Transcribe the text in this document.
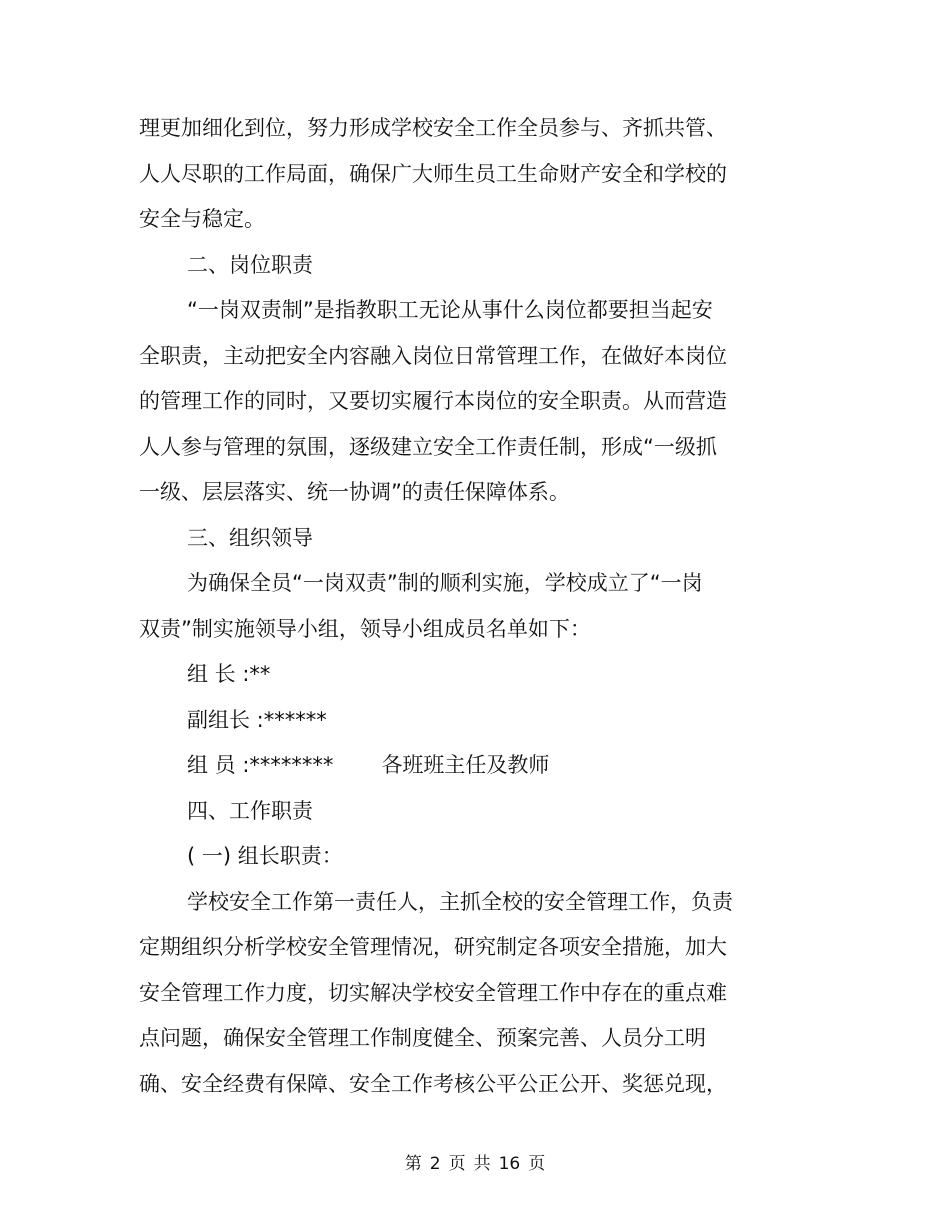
理更加细化到位，努力形成学校安全工作全员参与、齐抓共管、
人人尽职的工作局面，确保广大师生员工生命财产安全和学校的
安全与稳定。
二、岗位职责
“一岗双责制”是指教职工无论从事什么岗位都要担当起安
全职责，主动把安全内容融入岗位日常管理工作，在做好本岗位
的管理工作的同时，又要切实履行本岗位的安全职责。从而营造
人人参与管理的氛围，逐级建立安全工作责任制，形成“一级抓
一级、层层落实、统一协调”的责任保障体系。
三、组织领导
为确保全员“一岗双责”制的顺利实施，学校成立了“一岗
双责”制实施领导小组，领导小组成员名单如下：
组 长 :**
副组长 :******
组 员 :******** 各班班主任及教师
四、工作职责
( 一) 组长职责：
学校安全工作第一责任人，主抓全校的安全管理工作，负责
定期组织分析学校安全管理情况，研究制定各项安全措施，加大
安全管理工作力度，切实解决学校安全管理工作中存在的重点难
点问题，确保安全管理工作制度健全、预案完善、人员分工明
确、安全经费有保障、安全工作考核公平公正公开、奖惩兑现，
第 2 页 共 16 页
